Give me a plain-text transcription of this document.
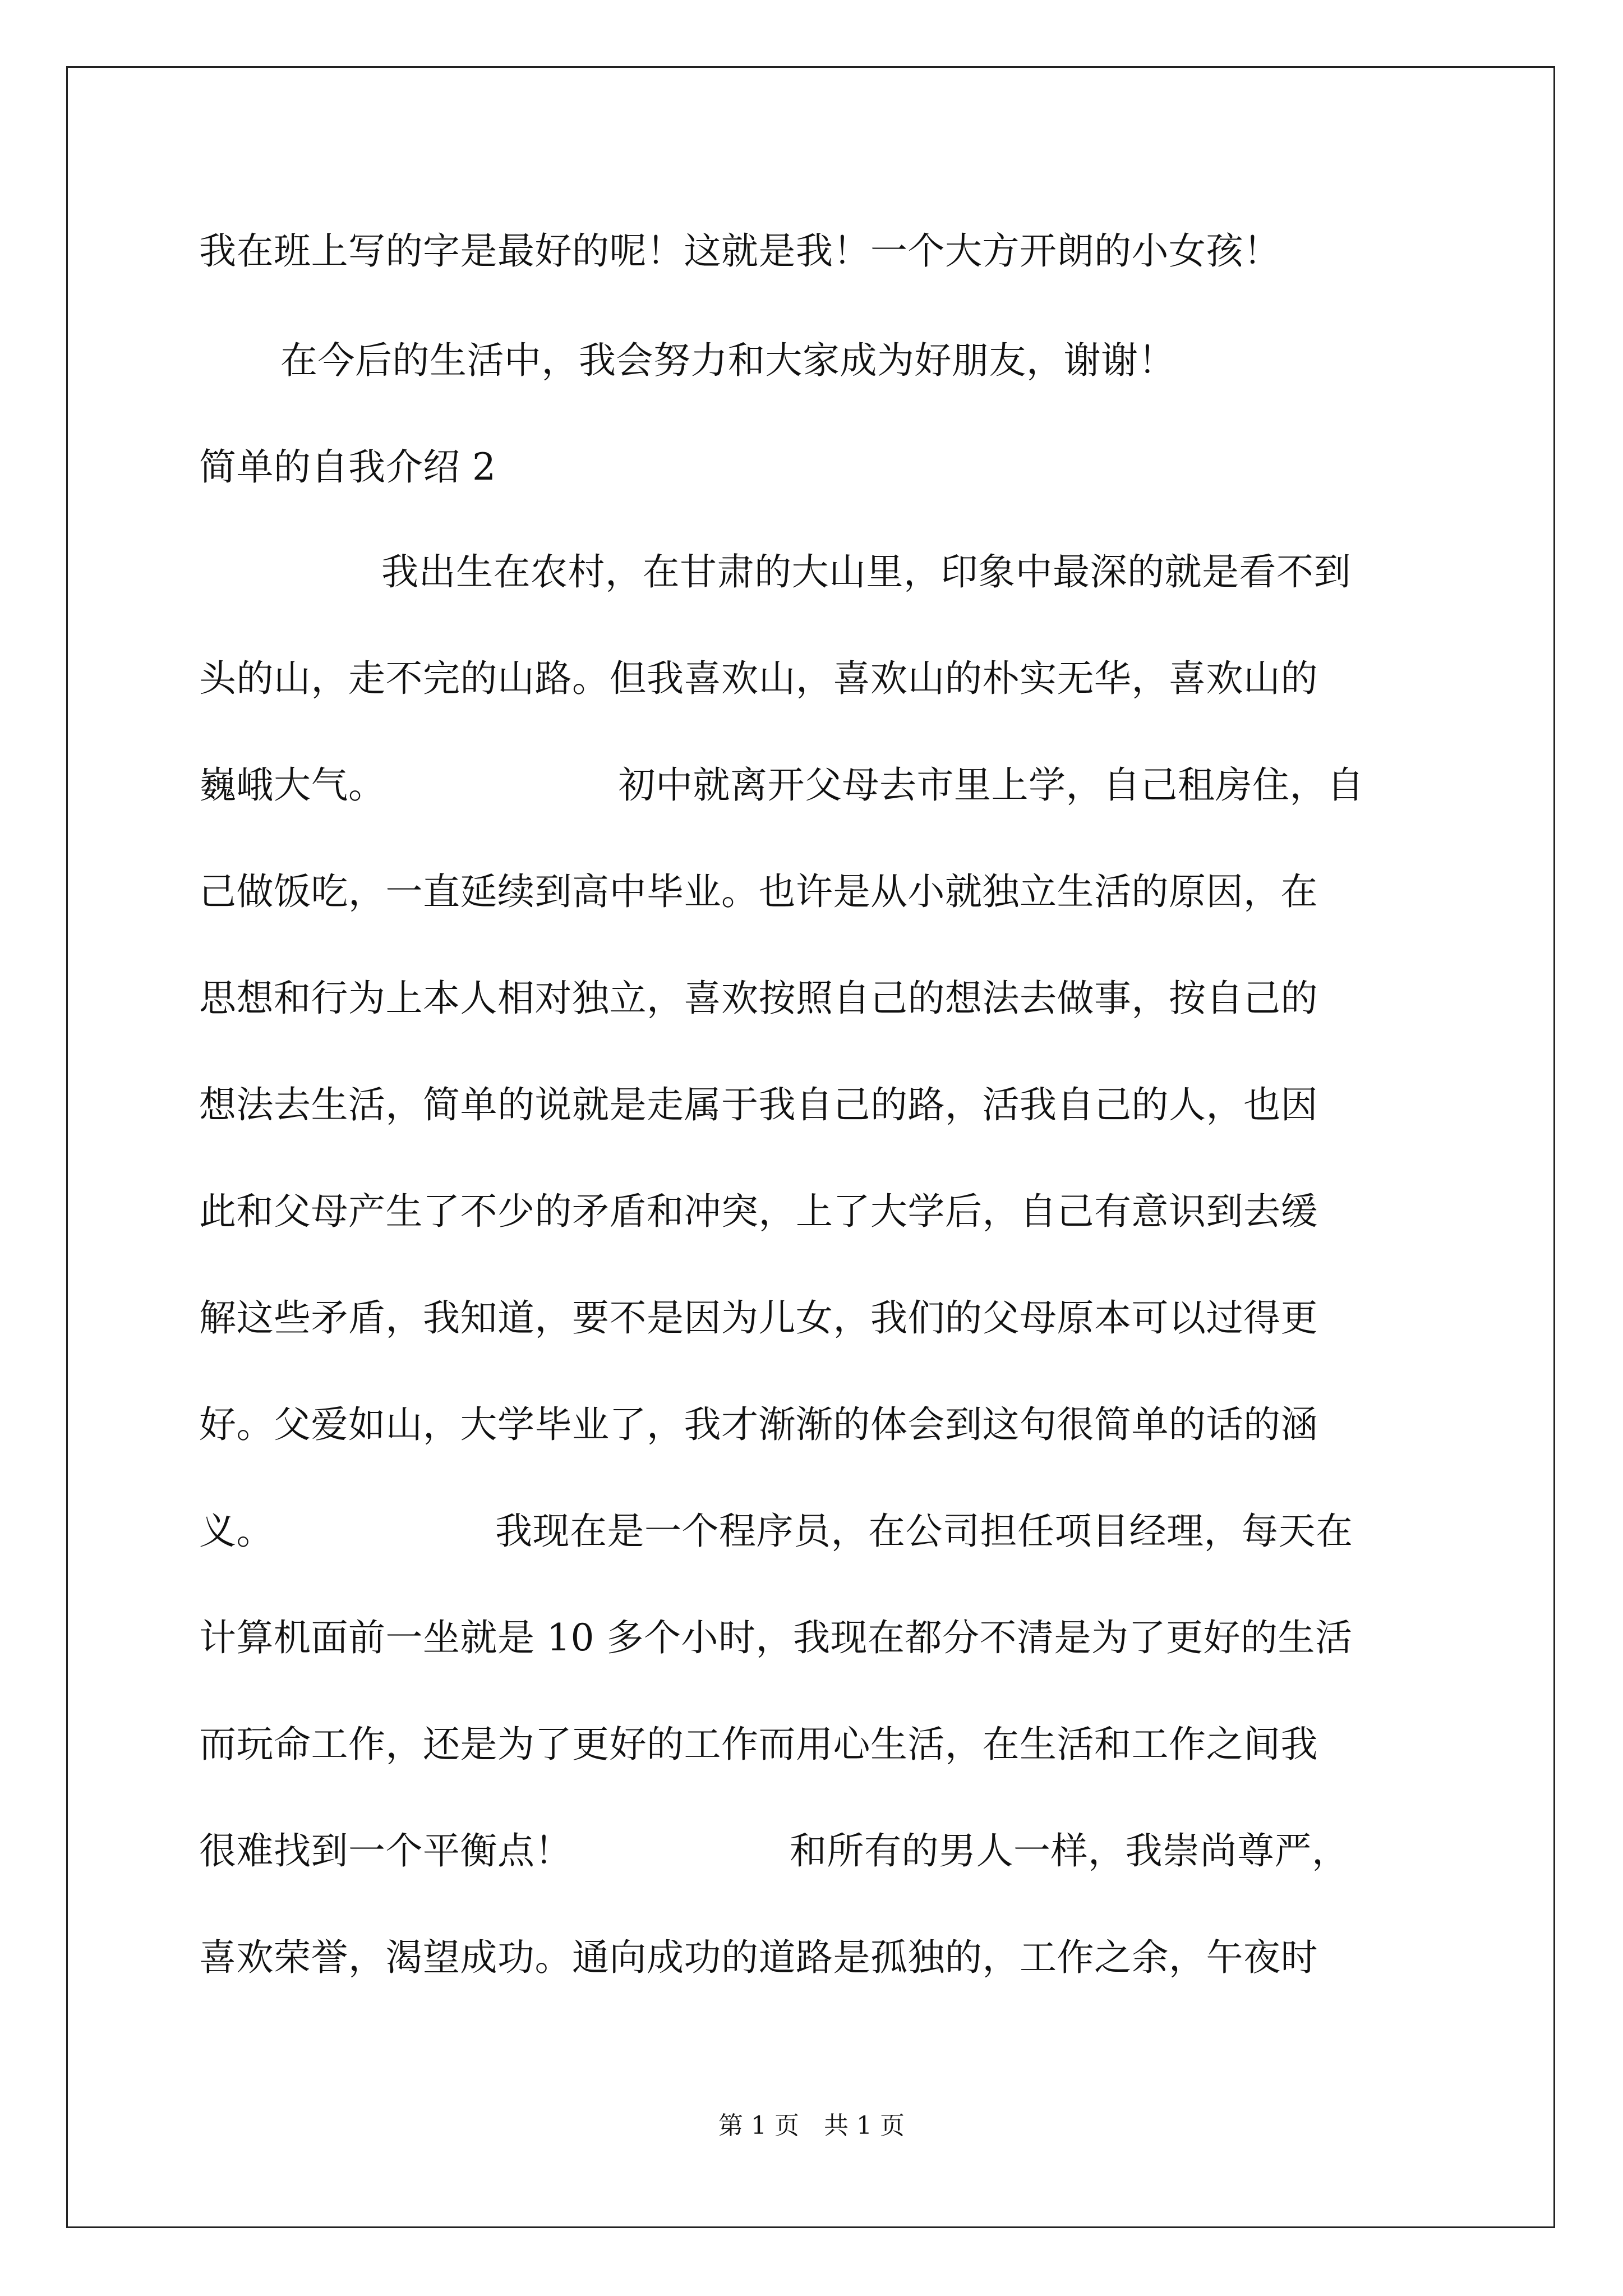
我在班上写的字是最好的呢！这就是我！一个大方开朗的小女孩！
在今后的生活中，我会努力和大家成为好朋友，谢谢！
简单的自我介绍 2
我出生在农村，在甘肃的大山里，印象中最深的就是看不到
头的山，走不完的山路。但我喜欢山，喜欢山的朴实无华，喜欢山的
巍峨大气。	初中就离开父母去市里上学，自己租房住，自
己做饭吃，一直延续到高中毕业。也许是从小就独立生活的原因，在
思想和行为上本人相对独立，喜欢按照自己的想法去做事，按自己的
想法去生活，简单的说就是走属于我自己的路，活我自己的人，也因
此和父母产生了不少的矛盾和冲突，上了大学后，自己有意识到去缓
解这些矛盾，我知道，要不是因为儿女，我们的父母原本可以过得更
好。父爱如山，大学毕业了，我才渐渐的体会到这句很简单的话的涵
义。	我现在是一个程序员，在公司担任项目经理，每天在
计算机面前一坐就是 10 多个小时，我现在都分不清是为了更好的生活
而玩命工作，还是为了更好的工作而用心生活，在生活和工作之间我
很难找到一个平衡点！	和所有的男人一样，我崇尚尊严，
喜欢荣誉，渴望成功。通向成功的道路是孤独的，工作之余，午夜时
第 1 页　共 1 页
